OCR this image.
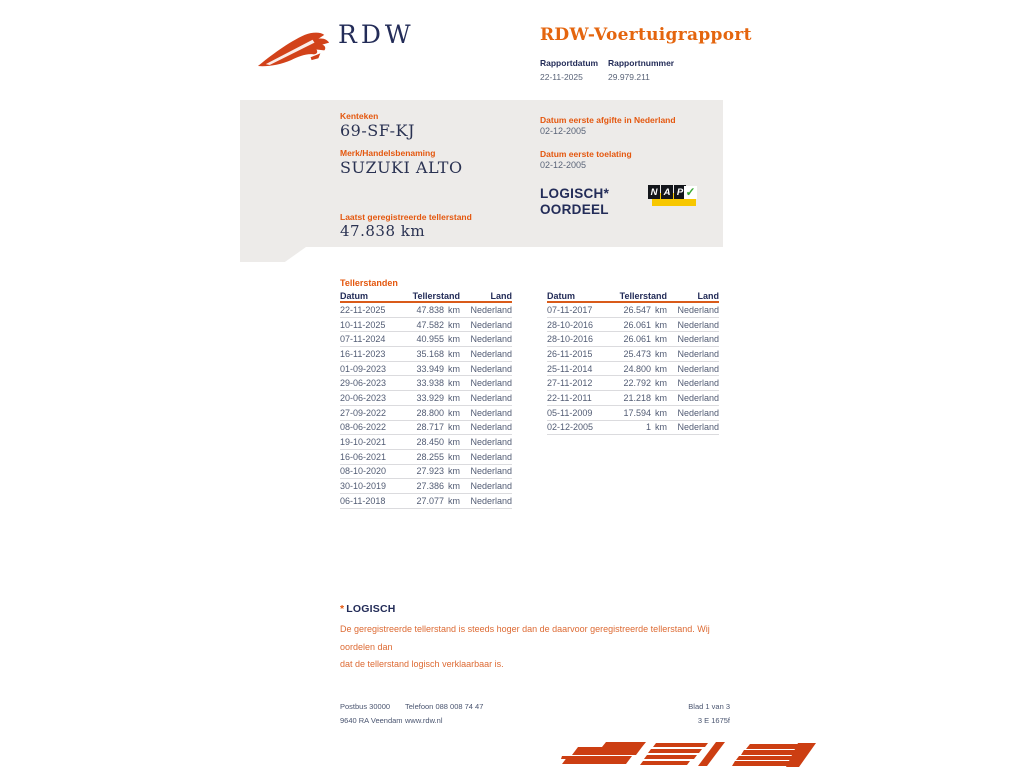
RDW	RDW-Voertuigrapport
Rapportdatum
22-11-2025
Rapportnummer
29.979.211
Kenteken
69-SF-KJ
Merk/Handelsbenaming
SUZUKI ALTO
Laatst geregistreerde tellerstand
47.838 km
Datum eerste afgifte in Nederland
02-12-2005
Datum eerste toelating
02-12-2005
LOGISCH*
OORDEEL
N A P ✓
Tellerstanden
Datum	Tellerstand	Land
22-11-2025	47.838 km	Nederland
10-11-2025	47.582 km	Nederland
07-11-2024	40.955 km	Nederland
16-11-2023	35.168 km	Nederland
01-09-2023	33.949 km	Nederland
29-06-2023	33.938 km	Nederland
20-06-2023	33.929 km	Nederland
27-09-2022	28.800 km	Nederland
08-06-2022	28.717 km	Nederland
19-10-2021	28.450 km	Nederland
16-06-2021	28.255 km	Nederland
08-10-2020	27.923 km	Nederland
30-10-2019	27.386 km	Nederland
06-11-2018	27.077 km	Nederland
Datum	Tellerstand	Land
07-11-2017	26.547 km	Nederland
28-10-2016	26.061 km	Nederland
28-10-2016	26.061 km	Nederland
26-11-2015	25.473 km	Nederland
25-11-2014	24.800 km	Nederland
27-11-2012	22.792 km	Nederland
22-11-2011	21.218 km	Nederland
05-11-2009	17.594 km	Nederland
02-12-2005	1 km	Nederland
* LOGISCH
De geregistreerde tellerstand is steeds hoger dan de daarvoor geregistreerde tellerstand. Wij oordelen dan
dat de tellerstand logisch verklaarbaar is.
Postbus 30000
9640 RA Veendam
Telefoon 088 008 74 47
www.rdw.nl
Blad 1 van 3
3 E 1675f
